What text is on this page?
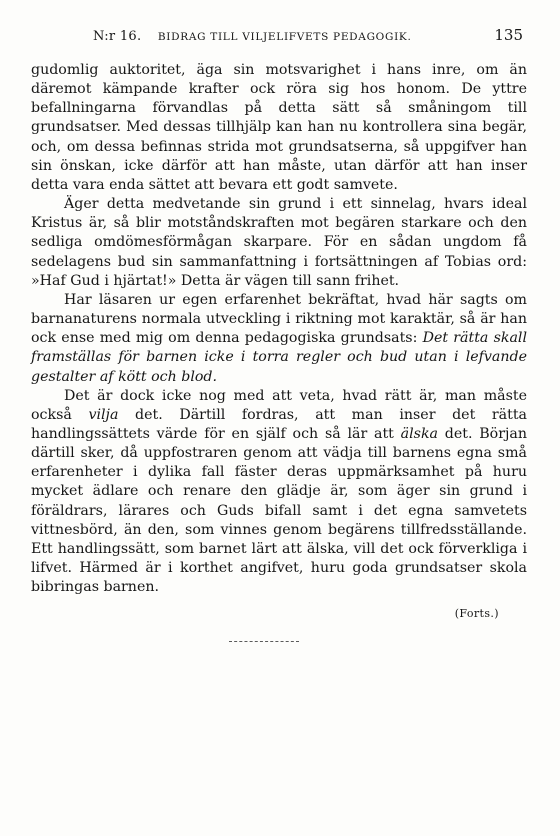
N:r 16. BIDRAG TILL VILJELIFVETS PEDAGOGIK.	135

gudomlig auktoritet, äga sin motsvarighet i hans inre, om än däremot kämpande krafter ock röra sig hos honom. De yttre befallningarna förvandlas på detta sätt så småningom till grundsatser. Med dessas tillhjälp kan han nu kontrollera sina begär, och, om dessa befinnas strida mot grundsatserna, så uppgifver han sin önskan, icke därför att han måste, utan därför att han inser detta vara enda sättet att bevara ett godt samvete.

Äger detta medvetande sin grund i ett sinnelag, hvars ideal Kristus är, så blir motståndskraften mot begären starkare och den sedliga omdömesförmågan skarpare. För en sådan ungdom få sedelagens bud sin sammanfattning i fortsättningen af Tobias ord: »Haf Gud i hjärtat!» Detta är vägen till sann frihet.

Har läsaren ur egen erfarenhet bekräftat, hvad här sagts om barnanaturens normala utveckling i riktning mot karaktär, så är han ock ense med mig om denna pedagogiska grundsats: Det rätta skall framställas för barnen icke i torra regler och bud utan i lefvande gestalter af kött och blod.

Det är dock icke nog med att veta, hvad rätt är, man måste också vilja det. Därtill fordras, att man inser det rätta handlingssättets värde för en själf och så lär att älska det. Början därtill sker, då uppfostraren genom att vädja till barnens egna små erfarenheter i dylika fall fäster deras uppmärksamhet på huru mycket ädlare och renare den glädje är, som äger sin grund i föräldrars, lärares och Guds bifall samt i det egna samvetets vittnesbörd, än den, som vinnes genom begärens tillfredsställande. Ett handlingssätt, som barnet lärt att älska, vill det ock förverkliga i lifvet. Härmed är i korthet angifvet, huru goda grundsatser skola bibringas barnen.

(Forts.)
